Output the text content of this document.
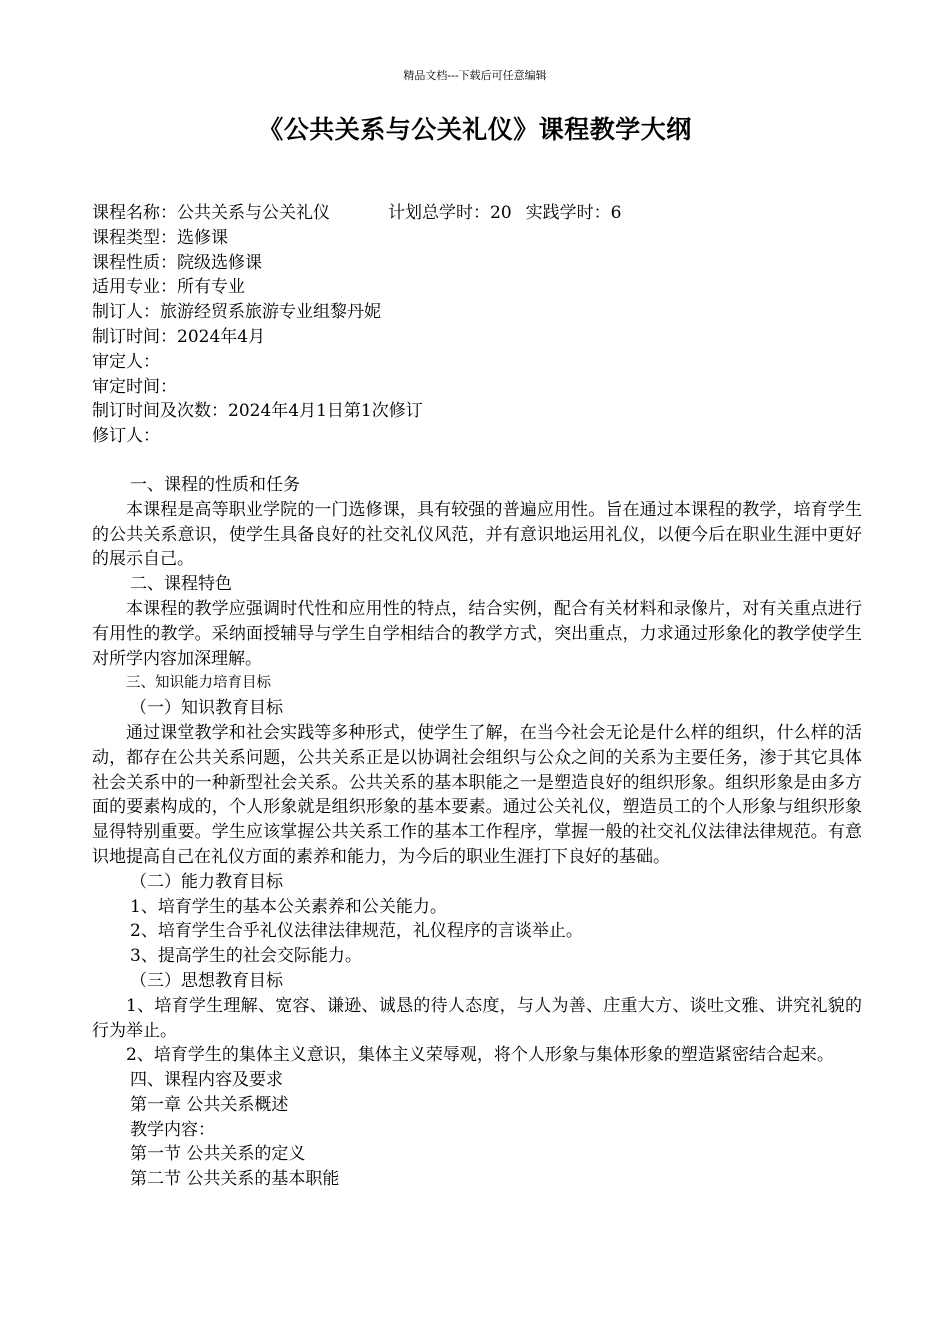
精品文档---下载后可任意编辑
《公共关系与公关礼仪》课程教学大纲
课程名称：公共关系与公关礼仪	计划总学时：20 实践学时：6
课程类型：选修课
课程性质：院级选修课
适用专业：所有专业
制订人：旅游经贸系旅游专业组黎丹妮
制订时间：2024年4月
审定人：
审定时间：
制订时间及次数：2024年4月1日第1次修订
修订人：
一、课程的性质和任务
本课程是高等职业学院的一门选修课，具有较强的普遍应用性。旨在通过本课程的教学，培育学生的公共关系意识，使学生具备良好的社交礼仪风范，并有意识地运用礼仪，以便今后在职业生涯中更好的展示自己。
二、课程特色
本课程的教学应强调时代性和应用性的特点，结合实例，配合有关材料和录像片，对有关重点进行有用性的教学。采纳面授辅导与学生自学相结合的教学方式，突出重点，力求通过形象化的教学使学生对所学内容加深理解。
三、知识能力培育目标
（一）知识教育目标
通过课堂教学和社会实践等多种形式，使学生了解，在当今社会无论是什么样的组织，什么样的活动，都存在公共关系问题，公共关系正是以协调社会组织与公众之间的关系为主要任务，渗于其它具体社会关系中的一种新型社会关系。公共关系的基本职能之一是塑造良好的组织形象。组织形象是由多方面的要素构成的，个人形象就是组织形象的基本要素。通过公关礼仪，塑造员工的个人形象与组织形象显得特别重要。学生应该掌握公共关系工作的基本工作程序，掌握一般的社交礼仪法律法律规范。有意识地提高自己在礼仪方面的素养和能力，为今后的职业生涯打下良好的基础。
（二）能力教育目标
1、培育学生的基本公关素养和公关能力。
2、培育学生合乎礼仪法律法律规范，礼仪程序的言谈举止。
3、提高学生的社会交际能力。
（三）思想教育目标
1、培育学生理解、宽容、谦逊、诚恳的待人态度，与人为善、庄重大方、谈吐文雅、讲究礼貌的行为举止。
2、培育学生的集体主义意识，集体主义荣辱观，将个人形象与集体形象的塑造紧密结合起来。
四、课程内容及要求
第一章 公共关系概述
教学内容：
第一节 公共关系的定义
第二节 公共关系的基本职能
